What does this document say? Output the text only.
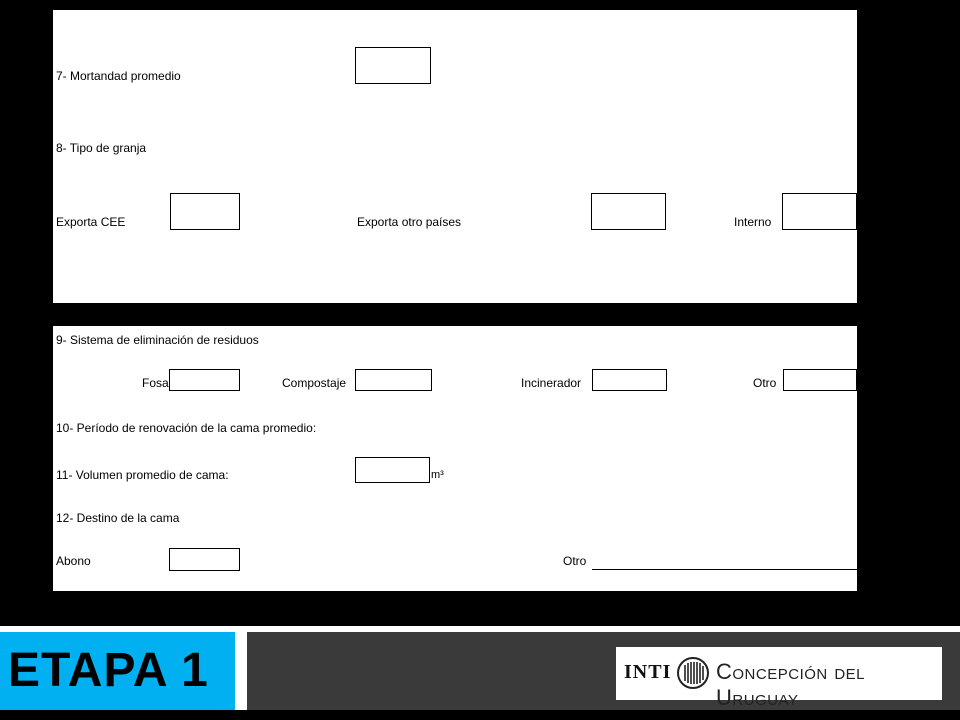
7- Mortandad promedio
8- Tipo de granja
Exporta CEE	Exporta otro países	Interno
9- Sistema de eliminación de residuos
Fosa	Compostaje	Incinerador	Otro
10- Período de renovación de la cama promedio:
11- Volumen promedio de cama:	m³
12- Destino de la cama
Abono	Otro
ETAPA 1	INTI Concepción del Uruguay
